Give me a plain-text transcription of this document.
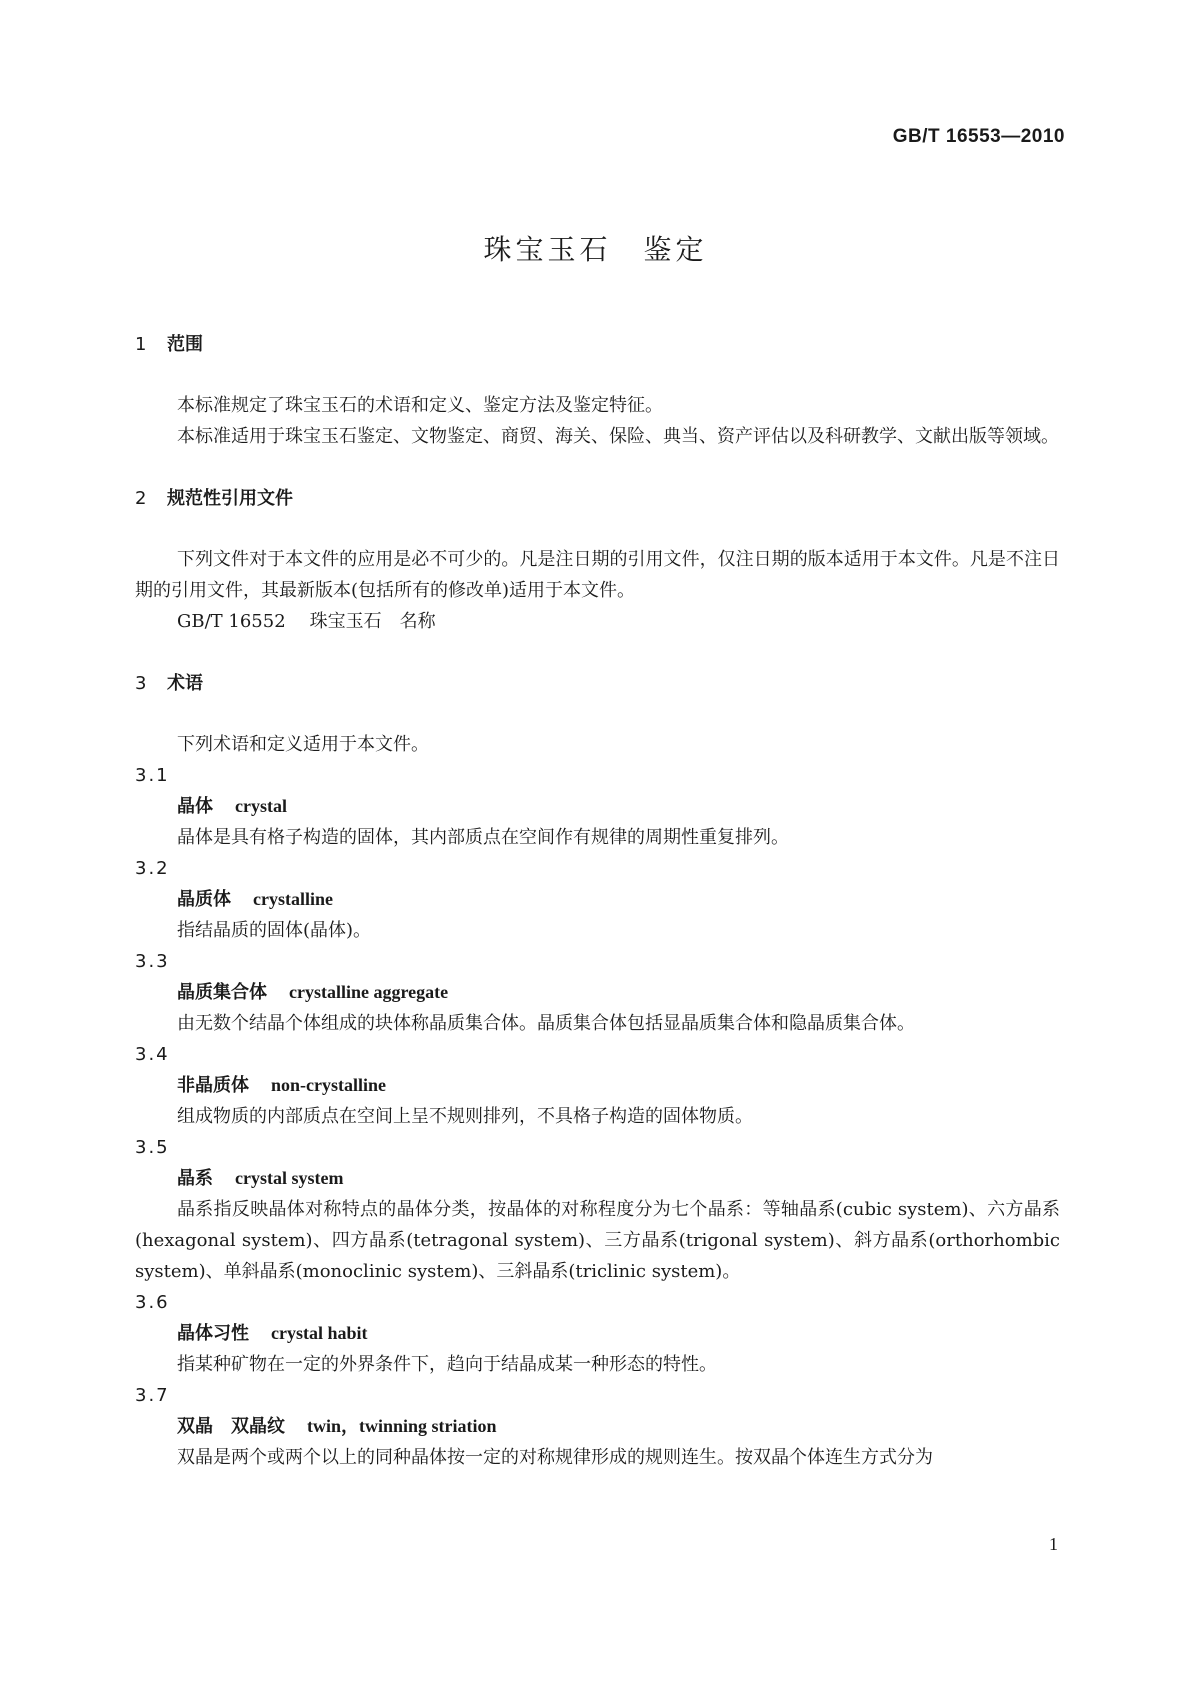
GB/T 16553—2010
珠宝玉石　鉴定
1	范围

本标准规定了珠宝玉石的术语和定义、鉴定方法及鉴定特征。

本标准适用于珠宝玉石鉴定、文物鉴定、商贸、海关、保险、典当、资产评估以及科研教学、文献出版等领域。

2	规范性引用文件

下列文件对于本文件的应用是必不可少的。凡是注日期的引用文件，仅注日期的版本适用于本文件。凡是不注日期的引用文件，其最新版本(包括所有的修改单)适用于本文件。

GB/T 16552 珠宝玉石　名称
3	术语

下列术语和定义适用于本文件。

3.1

晶体 crystal

晶体是具有格子构造的固体，其内部质点在空间作有规律的周期性重复排列。

3.2

晶质体 crystalline

指结晶质的固体(晶体)。

3.3

晶质集合体 crystalline aggregate

由无数个结晶个体组成的块体称晶质集合体。晶质集合体包括显晶质集合体和隐晶质集合体。

3.4

非晶质体 non-crystalline

组成物质的内部质点在空间上呈不规则排列，不具格子构造的固体物质。

3.5

晶系 crystal system

晶系指反映晶体对称特点的晶体分类，按晶体的对称程度分为七个晶系：等轴晶系(cubic system)、六方晶系(hexagonal system)、四方晶系(tetragonal system)、三方晶系(trigonal system)、斜方晶系(orthorhombic system)、单斜晶系(monoclinic system)、三斜晶系(triclinic system)。

3.6

晶体习性 crystal habit

指某种矿物在一定的外界条件下，趋向于结晶成某一种形态的特性。

3.7

双晶　双晶纹 twin，twinning striation

双晶是两个或两个以上的同种晶体按一定的对称规律形成的规则连生。按双晶个体连生方式分为

1
